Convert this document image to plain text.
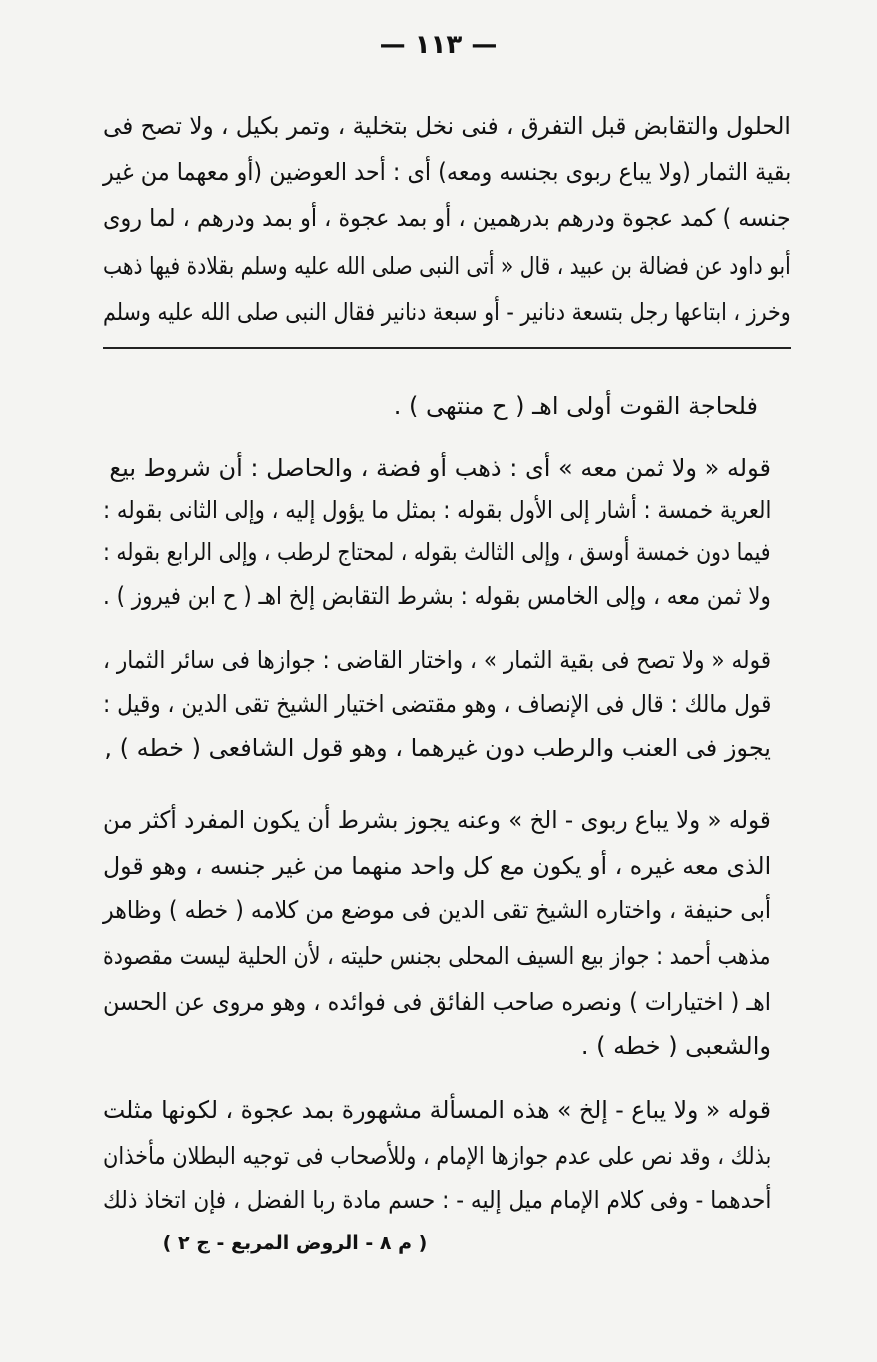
— ١١٣ —
الحلول والتقابض قبل التفرق ، فنى نخل بتخلية ، وتمر بكيل ، ولا تصح فى
بقية الثمار (ولا يباع ربوى بجنسه ومعه) أى : أحد العوضين (أو معهما من غير
جنسه ) كمد عجوة ودرهم بدرهمين ، أو بمد عجوة ، أو بمد ودرهم ، لما روى
أبو داود عن فضالة بن عبيد ، قال « أتى النبى صلى الله عليه وسلم بقلادة فيها ذهب
وخرز ، ابتاعها رجل بتسعة دنانير - أو سبعة دنانير فقال النبى صلى الله عليه وسلم
فلحاجة القوت أولى اهـ ( ح منتهى ) .
قوله « ولا ثمن معه » أى : ذهب أو فضة ، والحاصل : أن شروط بيع
العرية خمسة : أشار إلى الأول بقوله : بمثل ما يؤول إليه ، وإلى الثانى بقوله :
فيما دون خمسة أوسق ، وإلى الثالث بقوله ، لمحتاج لرطب ، وإلى الرابع بقوله :
ولا ثمن معه ، وإلى الخامس بقوله : بشرط التقابض إلخ اهـ ( ح ابن فيروز ) .
قوله « ولا تصح فى بقية الثمار » ، واختار القاضى : جوازها فى سائر الثمار ،
قول مالك : قال فى الإنصاف ، وهو مقتضى اختيار الشيخ تقى الدين ، وقيل :
يجوز فى العنب والرطب دون غيرهما ، وهو قول الشافعى ( خطه ) ,
قوله « ولا يباع ربوى - الخ » وعنه يجوز بشرط أن يكون المفرد أكثر من
الذى معه غيره ، أو يكون مع كل واحد منهما من غير جنسه ، وهو قول
أبى حنيفة ، واختاره الشيخ تقى الدين فى موضع من كلامه ( خطه ) وظاهر
مذهب أحمد : جواز بيع السيف المحلى بجنس حليته ، لأن الحلية ليست مقصودة
اهـ ( اختيارات ) ونصره صاحب الفائق فى فوائده ، وهو مروى عن الحسن
والشعبى ( خطه ) .
قوله « ولا يباع - إلخ » هذه المسألة مشهورة بمد عجوة ، لكونها مثلت
بذلك ، وقد نص على عدم جوازها الإمام ، وللأصحاب فى توجيه البطلان مأخذان
أحدهما - وفى كلام الإمام ميل إليه - : حسم مادة ربا الفضل ، فإن اتخاذ ذلك
( م ٨ - الروض المربع - ج ٢ )
